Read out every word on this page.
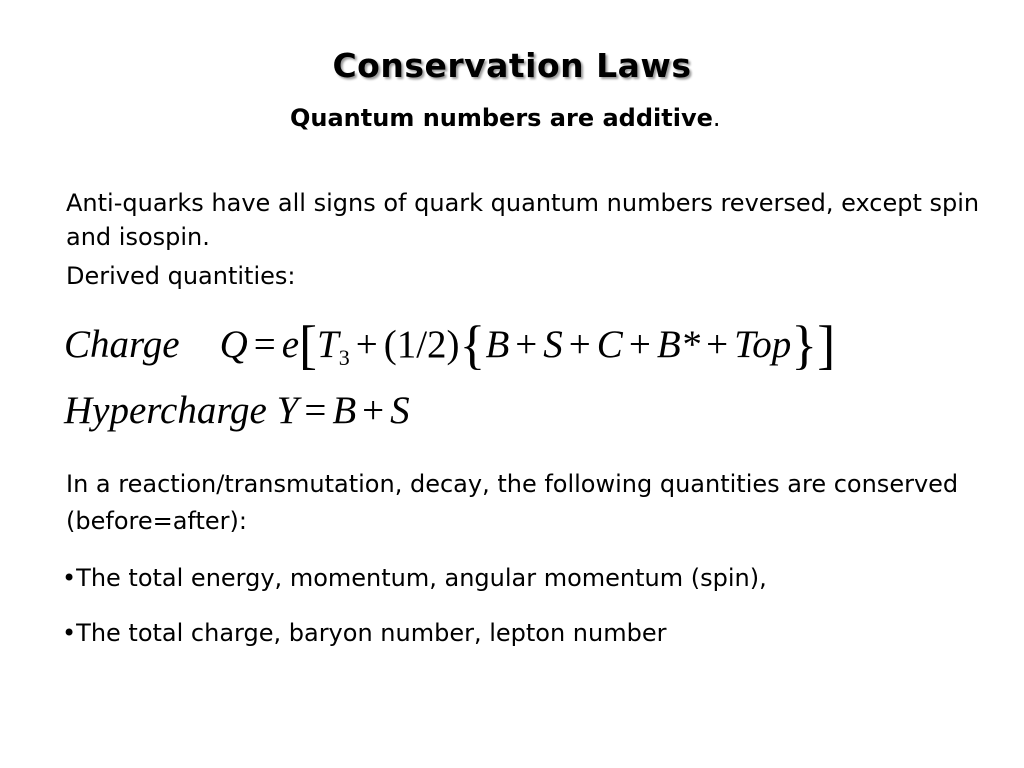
Conservation Laws
Quantum numbers are additive.
Anti-quarks have all signs of quark quantum numbers reversed, except spin and isospin.
Derived quantities:
Charge $Q = e[T_3 + (1/2)\{B + S + C + B* + Top\}]$
Hypercharge Y = B + S
In a reaction/transmutation, decay, the following quantities are conserved (before=after):
•The total energy, momentum, angular momentum (spin),
•The total charge, baryon number, lepton number
